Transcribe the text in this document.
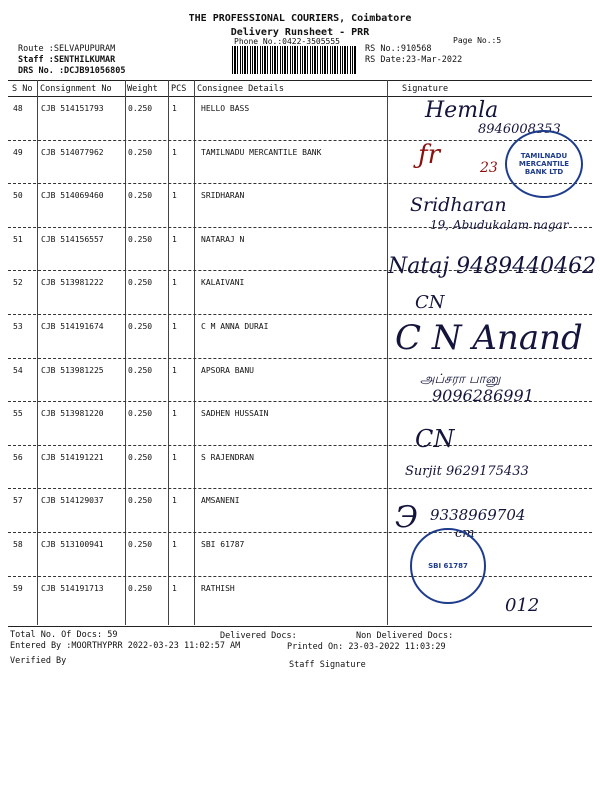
THE PROFESSIONAL COURIERS, Coimbatore
Delivery Runsheet - PRR
Phone No.:0422-3505555	Page No.:5
Route :SELVAPUPURAM
Staff :SENTHILKUMAR
DRS No. :DCJB91056805
RS No.:910568
RS Date:23-Mar-2022
S No Consignment No Weight PCS Consignee Details	Signature
48 CJB 514151793	0.250 1	HELLO BASS
49 CJB 514077962	0.250 1	TAMILNADU MERCANTILE BANK
50 CJB 514069460	0.250 1	SRIDHARAN
51 CJB 514156557	0.250 1	NATARAJ N
52 CJB 513981222	0.250 1	KALAIVANI
53 CJB 514191674	0.250 1	C M ANNA DURAI
54 CJB 513981225	0.250 1	APSORA BANU
55 CJB 513981220	0.250 1	SADHEN HUSSAIN
56 CJB 514191221	0.250 1	S RAJENDRAN
57 CJB 514129037	0.250 1	AMSANENI
58 CJB 513100941	0.250 1	SBI 61787
59 CJB 514191713	0.250 1	RATHISH
Hemla
8946008353
ƒr	23
Sridharan
19, Abudukalam nagar
Nataj 9489440462
CN
C N Anand
அப்சரா பானு
9096286991
CN
Surjit 9629175433
Э 9338969704
cm
012
TAMILNADU MERCANTILE BANK LTD
SBI 61787
Total No. Of Docs: 59	Delivered Docs:	Non Delivered Docs:
Entered By :MOORTHYPRR 2022-03-23 11:02:57 AM	Printed On: 23-03-2022 11:03:29
Verified By	Staff Signature
